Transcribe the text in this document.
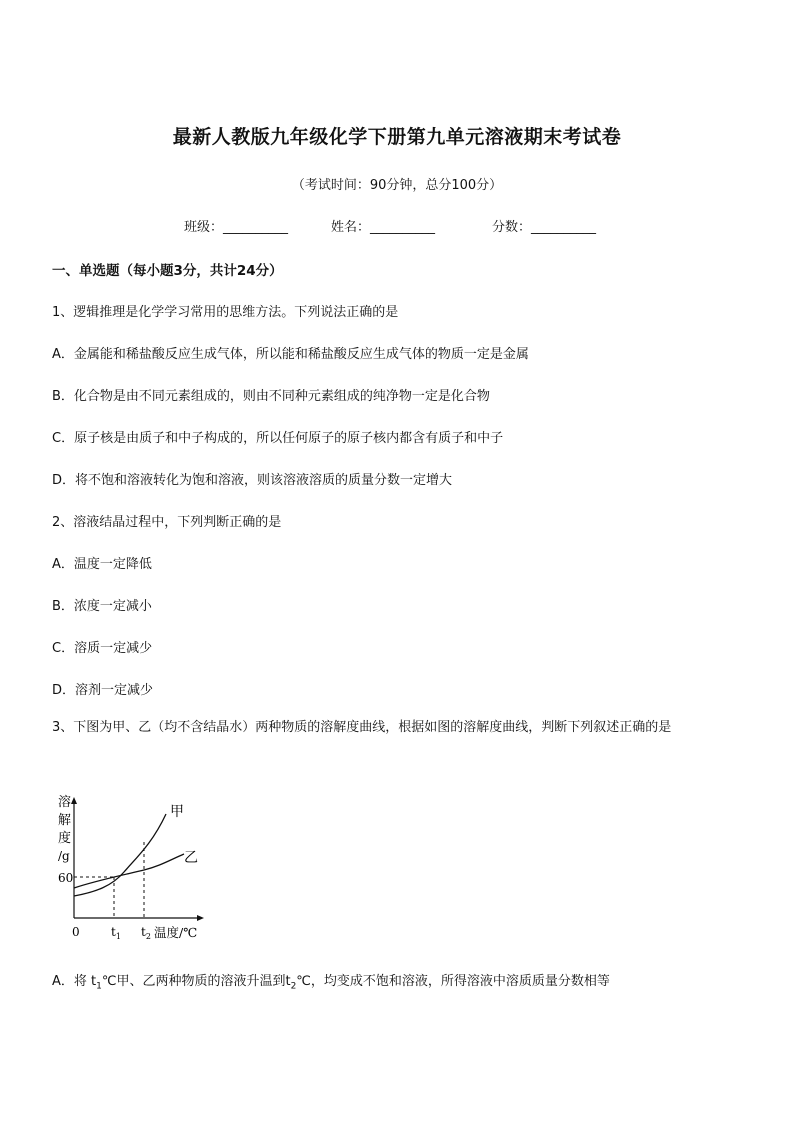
最新人教版九年级化学下册第九单元溶液期末考试卷
（考试时间：90分钟，总分100分）
班级：__________	姓名：__________	分数：__________
一、单选题（每小题3分，共计24分）
1、逻辑推理是化学学习常用的思维方法。下列说法正确的是
A．金属能和稀盐酸反应生成气体，所以能和稀盐酸反应生成气体的物质一定是金属
B．化合物是由不同元素组成的，则由不同种元素组成的纯净物一定是化合物
C．原子核是由质子和中子构成的，所以任何原子的原子核内都含有质子和中子
D．将不饱和溶液转化为饱和溶液，则该溶液溶质的质量分数一定增大
2、溶液结晶过程中，下列判断正确的是
A．温度一定降低
B．浓度一定减小
C．溶质一定减少
D．溶剂一定减少
3、下图为甲、乙（均不含结晶水）两种物质的溶解度曲线，根据如图的溶解度曲线，判断下列叙述正确的是
溶
解
度
/g
60
甲
乙
0	$t_1$ $t_2$ 温度/℃
A．将 $t_1℃$甲、乙两种物质的溶液升温到$t_2℃$，均变成不饱和溶液，所得溶液中溶质质量分数相等
